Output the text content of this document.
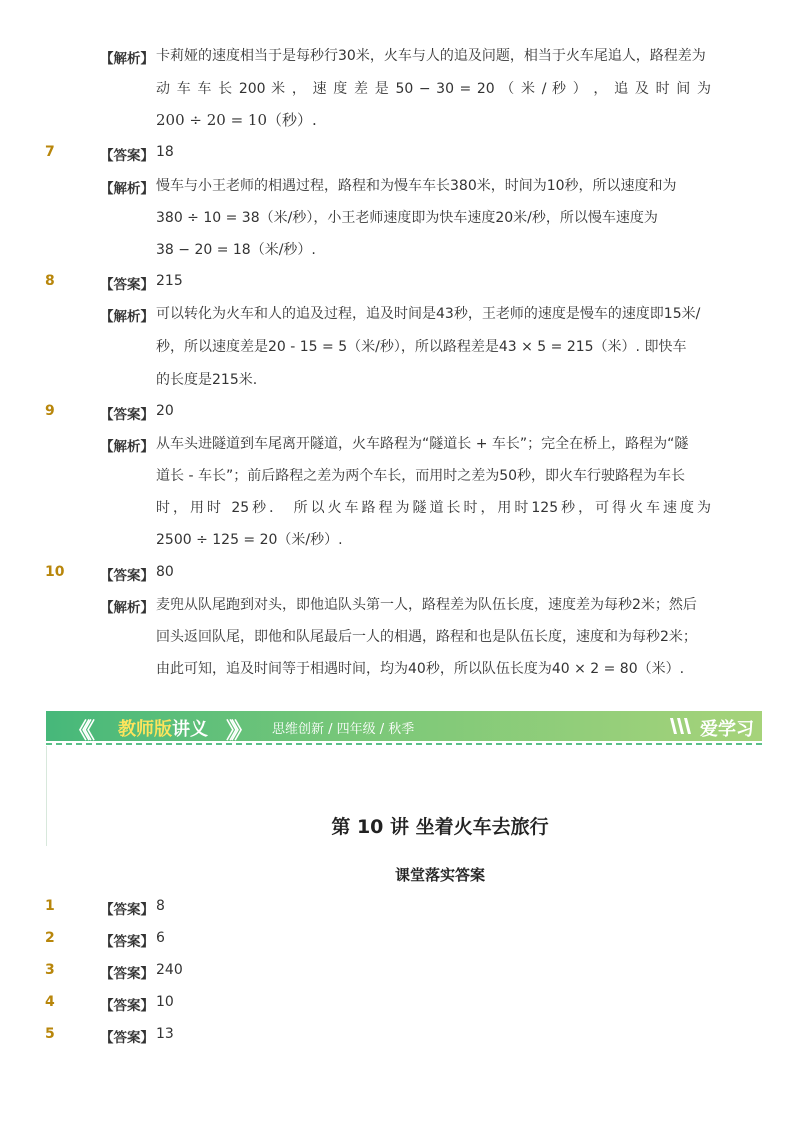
【解析】 卡莉娅的速度相当于是每秒行30米，火车与人的追及问题，相当于火车尾追人，路程差为
动 车 车 长 200 米 ， 速 度 差 是 50 − 30 = 20 （ 米 / 秒 ） ， 追 及 时 间 为
200 ÷ 20 = 10（秒）.
7	【答案】 18
【解析】 慢车与小王老师的相遇过程，路程和为慢车车长380米，时间为10秒，所以速度和为
380 ÷ 10 = 38（米/秒），小王老师速度即为快车速度20米/秒，所以慢车速度为
38 − 20 = 18（米/秒）.
8	【答案】 215
【解析】 可以转化为火车和人的追及过程，追及时间是43秒，王老师的速度是慢车的速度即15米/
秒，所以速度差是20 - 15 = 5（米/秒），所以路程差是43 × 5 = 215（米）. 即快车
的长度是215米.
9	【答案】 20
【解析】 从车头进隧道到车尾离开隧道，火车路程为“隧道长 + 车长”；完全在桥上，路程为“隧
道长 - 车长”；前后路程之差为两个车长，而用时之差为50秒，即火车行驶路程为车长
时，用时 25秒． 所以火车路程为隧道长时，用时125秒，可得火车速度为
2500 ÷ 125 = 20（米/秒）.
10	【答案】 80
【解析】 麦兜从队尾跑到对头，即他追队头第一人，路程差为队伍长度，速度差为每秒2米；然后
回头返回队尾，即他和队尾最后一人的相遇，路程和也是队伍长度，速度和为每秒2米；
由此可知，追及时间等于相遇时间，均为40秒，所以队伍长度为40 × 2 = 80（米）.
《《 教师版讲义 》》 思维创新 / 四年级 / 秋季	爱学习
第 10 讲 坐着火车去旅行
课堂落实答案
1	【答案】 8
2	【答案】 6
3	【答案】 240
4	【答案】 10
5	【答案】 13
